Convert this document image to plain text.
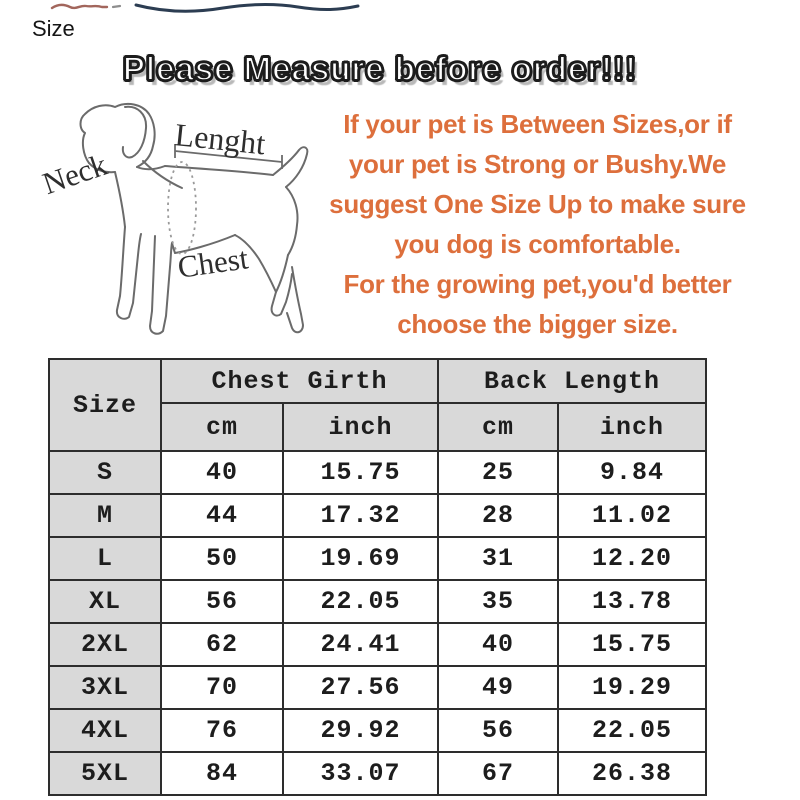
Size
Please Measure before order!!!
Lenght
Neck
Chest
If your pet is Between Sizes,or if
your pet is Strong or Bushy.We
suggest One Size Up to make sure
you dog is comfortable.
For the growing pet,you'd better
choose the bigger size.
Size	Chest Girth		Back Length	
	cm	inch	cm	inch
S	40	15.75	25	9.84
M	44	17.32	28	11.02
L	50	19.69	31	12.20
XL	56	22.05	35	13.78
2XL	62	24.41	40	15.75
3XL	70	27.56	49	19.29
4XL	76	29.92	56	22.05
5XL	84	33.07	67	26.38
